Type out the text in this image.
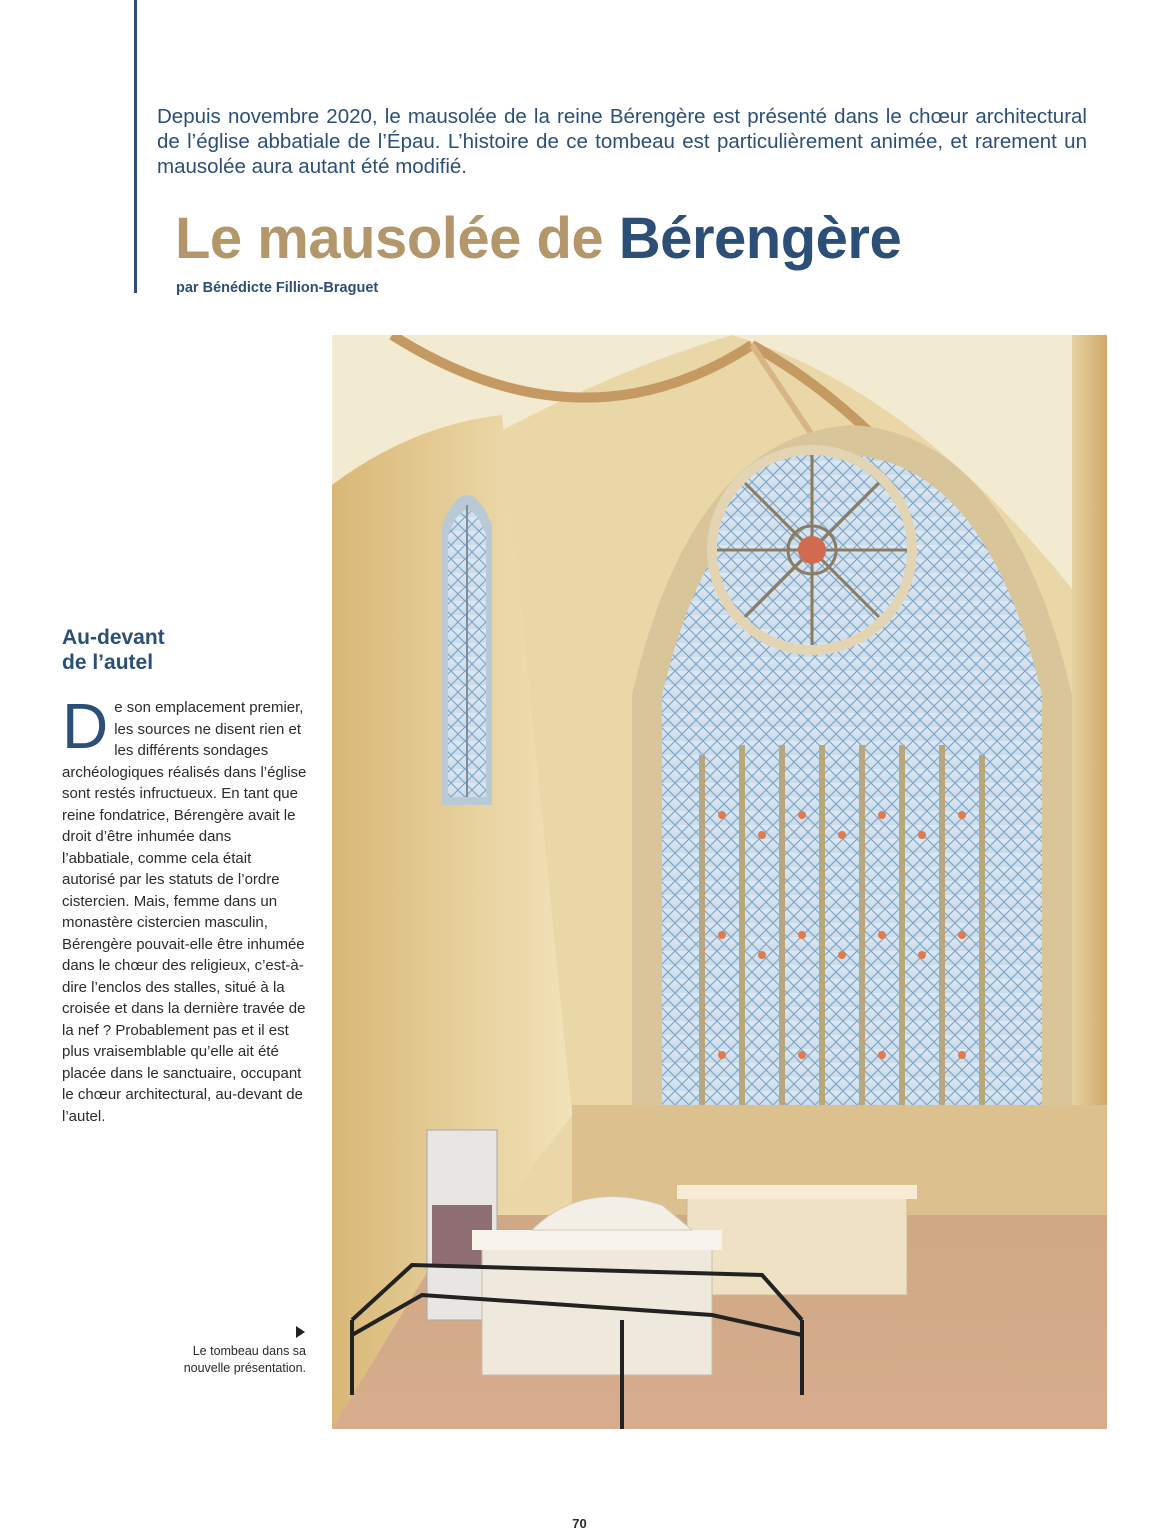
Depuis novembre 2020, le mausolée de la reine Bérengère est présenté dans le chœur architectural de l’église abbatiale de l’Épau. L’histoire de ce tombeau est particulièrement animée, et rarement un mausolée aura autant été modifié.

Le mausolée de Bérengère
par Bénédicte Fillion-Braguet
Au-devant
de l’autel
De son emplacement premier, les sources ne disent rien et les différents sondages archéologiques réalisés dans l’église sont restés infructueux. En tant que reine fondatrice, Bérengère avait le droit d’être inhumée dans l’abbatiale, comme cela était autorisé par les statuts de l’ordre cistercien. Mais, femme dans un monastère cistercien masculin, Bérengère pouvait-elle être inhumée dans le chœur des religieux, c’est-à-dire l’enclos des stalles, situé à la croisée et dans la dernière travée de la nef ? Probablement pas et il est plus vraisemblable qu’elle ait été placée dans le sanctuaire, occupant le chœur architectural, au-devant de l’autel.
Le tombeau dans sa
nouvelle présentation.
70
